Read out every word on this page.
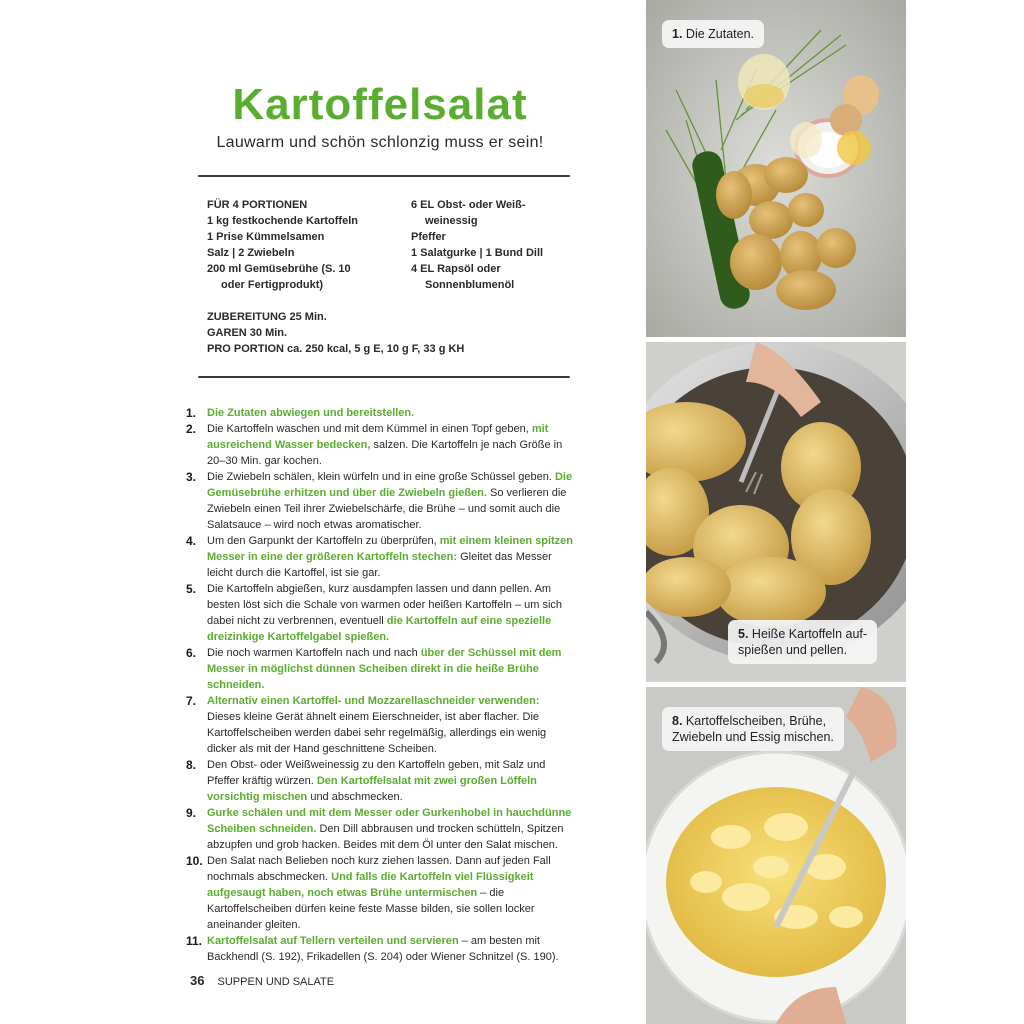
Kartoffelsalat
Lauwarm und schön schlonzig muss er sein!
FÜR 4 PORTIONEN
1 kg festkochende Kartoffeln
1 Prise Kümmelsamen
Salz | 2 Zwiebeln
200 ml Gemüsebrühe (S. 10
oder Fertigprodukt)
6 EL Obst- oder Weiß-
weinessig
Pfeffer
1 Salatgurke | 1 Bund Dill
4 EL Rapsöl oder
Sonnenblumenöl
ZUBEREITUNG 25 Min.
GAREN 30 Min.
PRO PORTION ca. 250 kcal, 5 g E, 10 g F, 33 g KH
1. Die Zutaten abwiegen und bereitstellen.
2. Die Kartoffeln waschen und mit dem Kümmel in einen Topf geben, mit ausreichend Wasser bedecken, salzen. Die Kartoffeln je nach Größe in 20–30 Min. gar kochen.
3. Die Zwiebeln schälen, klein würfeln und in eine große Schüssel geben. Die Gemüsebrühe erhitzen und über die Zwiebeln gießen. So verlieren die Zwiebeln einen Teil ihrer Zwiebelschärfe, die Brühe – und somit auch die Salatsauce – wird noch etwas aromatischer.
4. Um den Garpunkt der Kartoffeln zu überprüfen, mit einem kleinen spitzen Messer in eine der größeren Kartoffeln stechen: Gleitet das Messer leicht durch die Kartoffel, ist sie gar.
5. Die Kartoffeln abgießen, kurz ausdampfen lassen und dann pellen. Am besten löst sich die Schale von warmen oder heißen Kartoffeln – um sich dabei nicht zu verbrennen, eventuell die Kartoffeln auf eine spezielle dreizinkige Kartoffelgabel spießen.
6. Die noch warmen Kartoffeln nach und nach über der Schüssel mit dem Messer in möglichst dünnen Scheiben direkt in die heiße Brühe schneiden.
7. Alternativ einen Kartoffel- und Mozzarellaschneider verwenden: Dieses kleine Gerät ähnelt einem Eierschneider, ist aber flacher. Die Kartoffelscheiben werden dabei sehr regelmäßig, allerdings ein wenig dicker als mit der Hand geschnittene Scheiben.
8. Den Obst- oder Weißweinessig zu den Kartoffeln geben, mit Salz und Pfeffer kräftig würzen. Den Kartoffelsalat mit zwei großen Löffeln vorsichtig mischen und abschmecken.
9. Gurke schälen und mit dem Messer oder Gurkenhobel in hauchdünne Scheiben schneiden. Den Dill abbrausen und trocken schütteln, Spitzen abzupfen und grob hacken. Beides mit dem Öl unter den Salat mischen.
10. Den Salat nach Belieben noch kurz ziehen lassen. Dann auf jeden Fall nochmals abschmecken. Und falls die Kartoffeln viel Flüssigkeit aufgesaugt haben, noch etwas Brühe untermischen – die Kartoffelscheiben dürfen keine feste Masse bilden, sie sollen locker aneinander gleiten.
11. Kartoffelsalat auf Tellern verteilen und servieren – am besten mit Backhendl (S. 192), Frikadellen (S. 204) oder Wiener Schnitzel (S. 190).
36 SUPPEN UND SALATE
1. Die Zutaten.
5. Heiße Kartoffeln auf-
spießen und pellen.
8. Kartoffelscheiben, Brühe,
Zwiebeln und Essig mischen.
